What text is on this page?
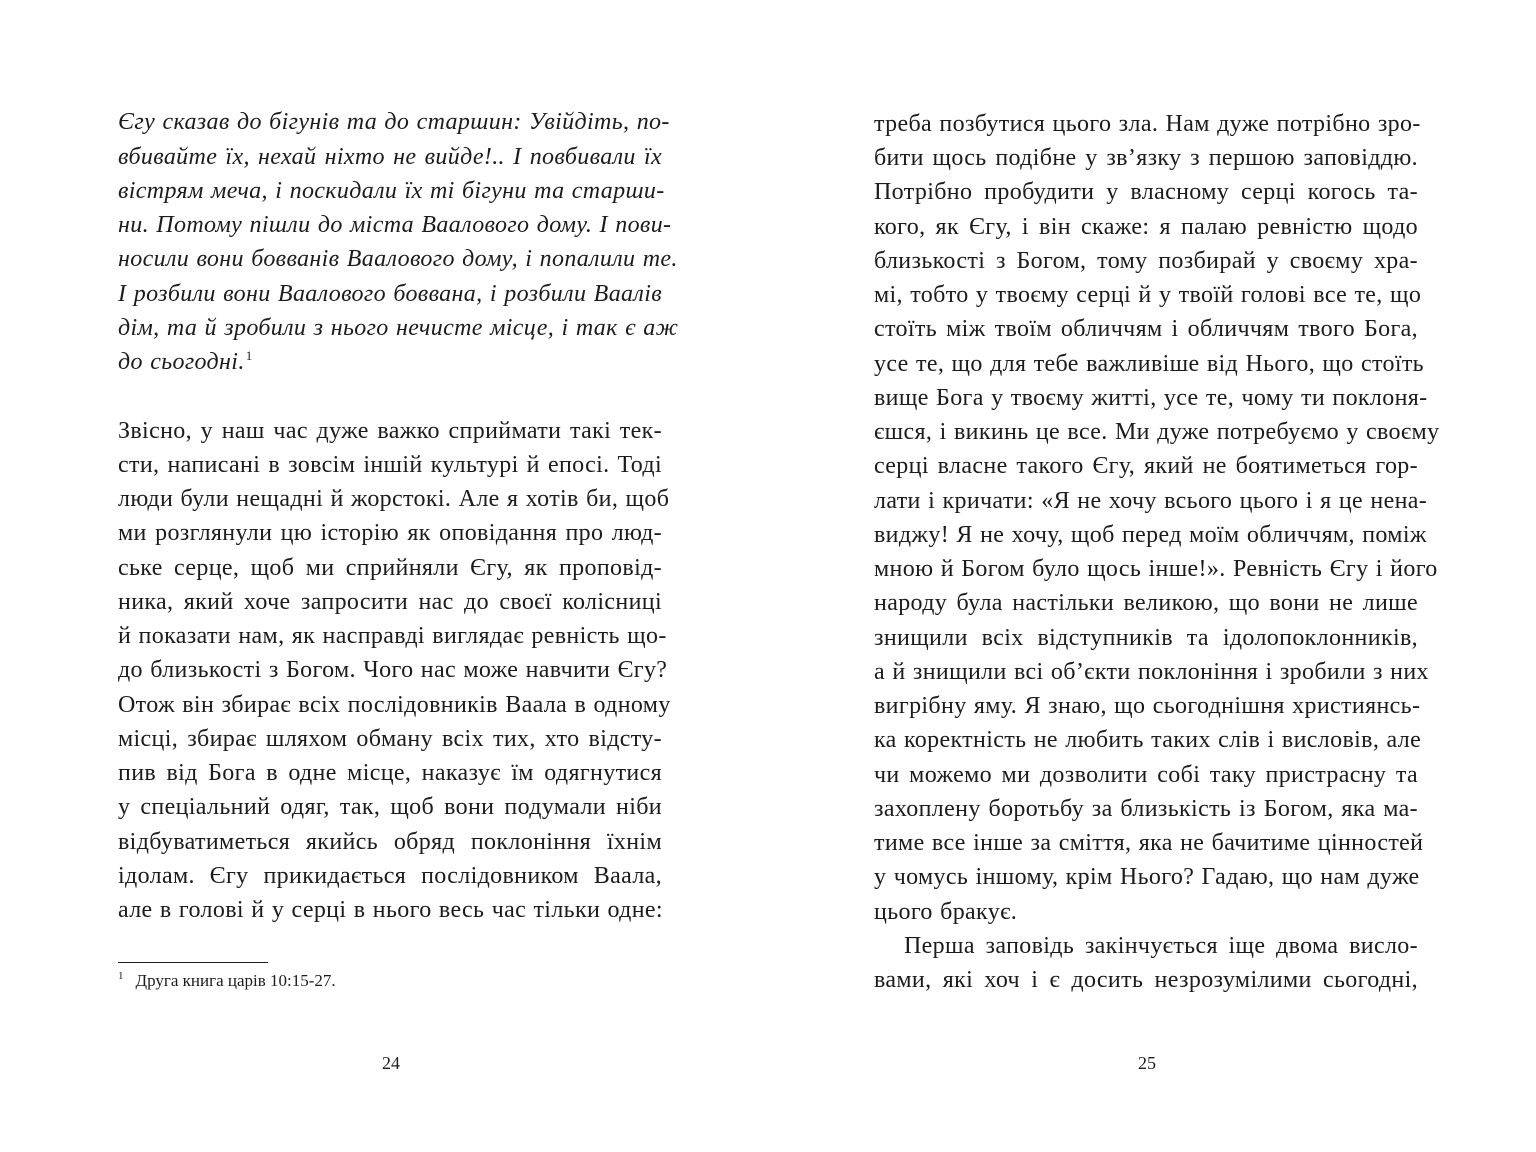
Єгу сказав до бігунів та до старшин: Увійдіть, по-
вбивайте їх, нехай ніхто не вийде!.. І повбивали їх
вістрям меча, і поскидали їх ті бігуни та старши-
ни. Потому пішли до міста Ваалового дому. І пови-
носили вони бовванів Ваалового дому, і попалили те.
І розбили вони Ваалового боввана, і розбили Ваалів
дім, та й зробили з нього нечисте місце, і так є аж
до сьогодні.$^1$
Звісно, у наш час дуже важко сприймати такі тек-
сти, написані в зовсім іншій культурі й епосі. Тоді
люди були нещадні й жорстокі. Але я хотів би, щоб
ми розглянули цю історію як оповідання про люд-
ське серце, щоб ми сприйняли Єгу, як проповід-
ника, який хоче запросити нас до своєї колісниці
й показати нам, як насправді виглядає ревність що-
до близькості з Богом. Чого нас може навчити Єгу?
Отож він збирає всіх послідовників Ваала в одному
місці, збирає шляхом обману всіх тих, хто відсту-
пив від Бога в одне місце, наказує їм одягнутися
у спеціальний одяг, так, щоб вони подумали ніби
відбуватиметься якийсь обряд поклоніння їхнім
ідолам. Єгу прикидається послідовником Ваала,
але в голові й у серці в нього весь час тільки одне:
$^1$ Друга книга царів 10:15-27.
24
треба позбутися цього зла. Нам дуже потрібно зро-
бити щось подібне у зв’язку з першою заповіддю.
Потрібно пробудити у власному серці когось та-
кого, як Єгу, і він скаже: я палаю ревністю щодо
близькості з Богом, тому позбирай у своєму хра-
мі, тобто у твоєму серці й у твоїй голові все те, що
стоїть між твоїм обличчям і обличчям твого Бога,
усе те, що для тебе важливіше від Нього, що стоїть
вище Бога у твоєму житті, усе те, чому ти поклоня-
єшся, і викинь це все. Ми дуже потребуємо у своєму
серці власне такого Єгу, який не боятиметься гор-
лати і кричати: «Я не хочу всього цього і я це нена-
виджу! Я не хочу, щоб перед моїм обличчям, поміж
мною й Богом було щось інше!». Ревність Єгу і його
народу була настільки великою, що вони не лише
знищили всіх відступників та ідолопоклонників,
а й знищили всі об’єкти поклоніння і зробили з них
вигрібну яму. Я знаю, що сьогоднішня християнсь-
ка коректність не любить таких слів і висловів, але
чи можемо ми дозволити собі таку пристрасну та
захоплену боротьбу за близькість із Богом, яка ма-
тиме все інше за сміття, яка не бачитиме цінностей
у чомусь іншому, крім Нього? Гадаю, що нам дуже
цього бракує.
Перша заповідь закінчується іще двома вислo-
вами, які хоч і є досить незрозумілими сьогодні,
25
